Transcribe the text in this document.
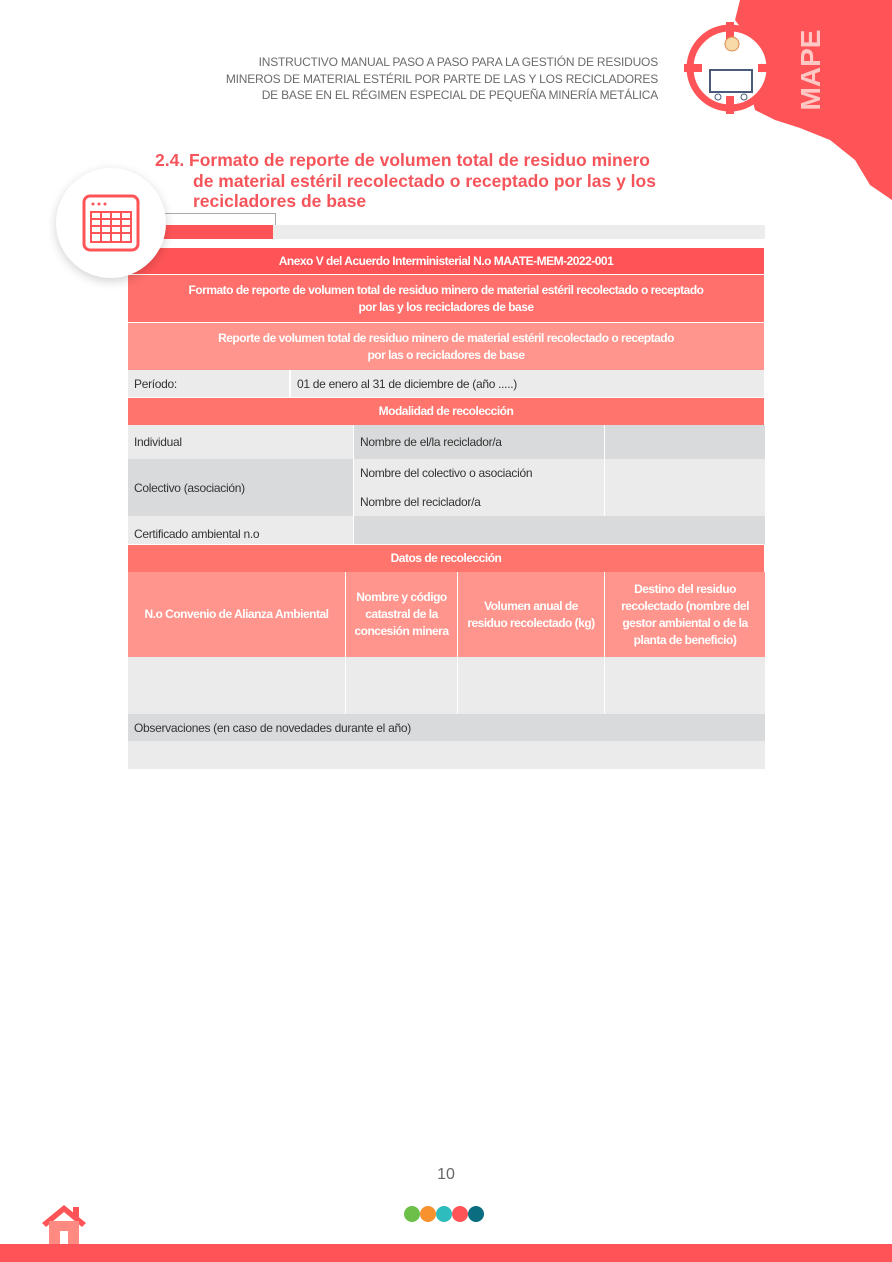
MAPE
INSTRUCTIVO MANUAL PASO A PASO PARA LA GESTIÓN DE RESIDUOS
MINEROS DE MATERIAL ESTÉRIL POR PARTE DE LAS Y LOS RECICLADORES
DE BASE EN EL RÉGIMEN ESPECIAL DE PEQUEÑA MINERÍA METÁLICA
2.4. Formato de reporte de volumen total de residuo minero
de material estéril recolectado o receptado por las y los
recicladores de base
Anexo V del Acuerdo Interministerial N.o MAATE-MEM-2022-001
Formato de reporte de volumen total de residuo minero de material estéril recolectado o receptado
por las y los recicladores de base
Reporte de volumen total de residuo minero de material estéril recolectado o receptado
por las o recicladores de base
Período:	01 de enero al 31 de diciembre de (año .....)
Modalidad de recolección
Individual	Nombre de el/la reciclador/a
Colectivo (asociación)
Nombre del colectivo o asociación
Nombre del reciclador/a
Certificado ambiental n.o
Datos de recolección
N.o Convenio de Alianza Ambiental
Nombre y código catastral de la concesión minera
Volumen anual de residuo recolectado (kg)
Destino del residuo recolectado (nombre del gestor ambiental o de la planta de beneficio)
Observaciones (en caso de novedades durante el año)
10
